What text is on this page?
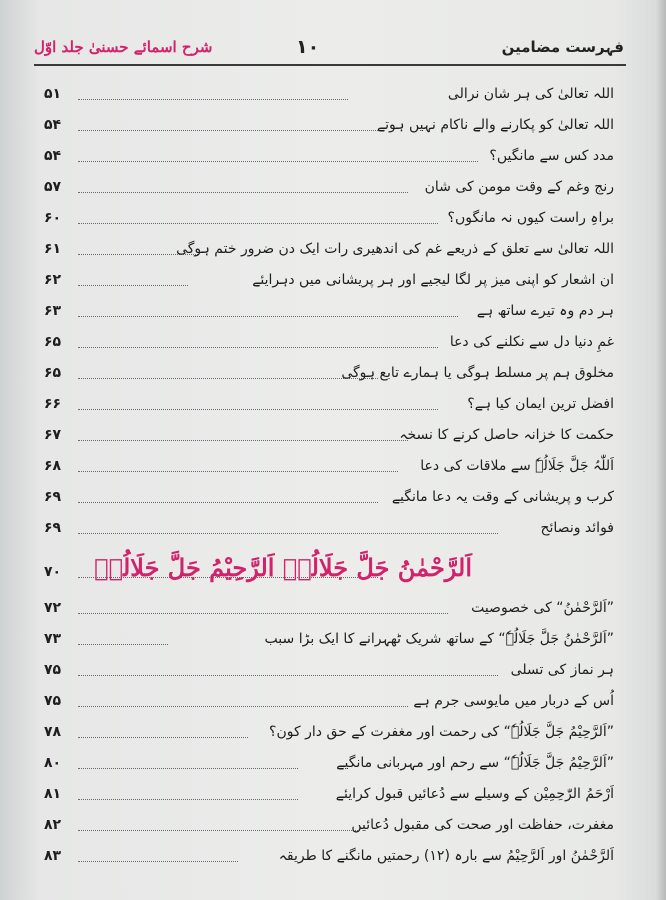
شرح اسمائے حسنیٰ جلد اوّل	۱۰	فہرست مضامین
۵۱	اللہ تعالیٰ کی ہر شان نرالی
۵۴	اللہ تعالیٰ کو پکارنے والے ناکام نہیں ہوتے
۵۴	مدد کس سے مانگیں؟
۵۷	رنج وغم کے وقت مومن کی شان
۶۰	براہِ راست کیوں نہ مانگوں؟
۶۱	اللہ تعالیٰ سے تعلق کے ذریعے غم کی اندھیری رات ایک دن ضرور ختم ہوگی
۶۲	ان اشعار کو اپنی میز پر لگا لیجیے اور ہر پریشانی میں دہرایئے
۶۳	ہر دم وہ تیرے ساتھ ہے
۶۵	غمِ دنیا دل سے نکلنے کی دعا
۶۵	مخلوق ہم پر مسلط ہوگی یا ہمارے تابع ہوگی
۶۶	افضل ترین ایمان کیا ہے؟
۶۷	حکمت کا خزانہ حاصل کرنے کا نسخہ
۶۸	اَللّٰہُ جَلَّ جَلَالُہٗ سے ملاقات کی دعا
۶۹	کرب و پریشانی کے وقت یہ دعا مانگیے
۶۹	فوائد ونصائح
۷۰	اَلرَّحْمٰنُ جَلَّ جَلَالُہٗ اَلرَّحِيْمُ جَلَّ جَلَالُہٗ
۷۲	”اَلرَّحْمٰنُ“ کی خصوصیت
۷۳	”اَلرَّحْمٰنُ جَلَّ جَلَالُہٗ“ کے ساتھ شریک ٹھہرانے کا ایک بڑا سبب
۷۵	ہر نماز کی تسلی
۷۵	اُس کے دربار میں مایوسی جرم ہے
۷۸	”اَلرَّحِيْمُ جَلَّ جَلَالُہٗ“ کی رحمت اور مغفرت کے حق دار کون؟
۸۰	”اَلرَّحِيْمُ جَلَّ جَلَالُہٗ“ سے رحم اور مہربانی مانگیے
۸۱	اَرْحَمُ الرّٰحِمِيْن کے وسیلے سے دُعائیں قبول کرایئے
۸۲	مغفرت، حفاظت اور صحت کی مقبول دُعائیں
۸۳	اَلرَّحْمٰنُ اور اَلرَّحِيْمُ سے بارہ (۱۲) رحمتیں مانگنے کا طریقہ
